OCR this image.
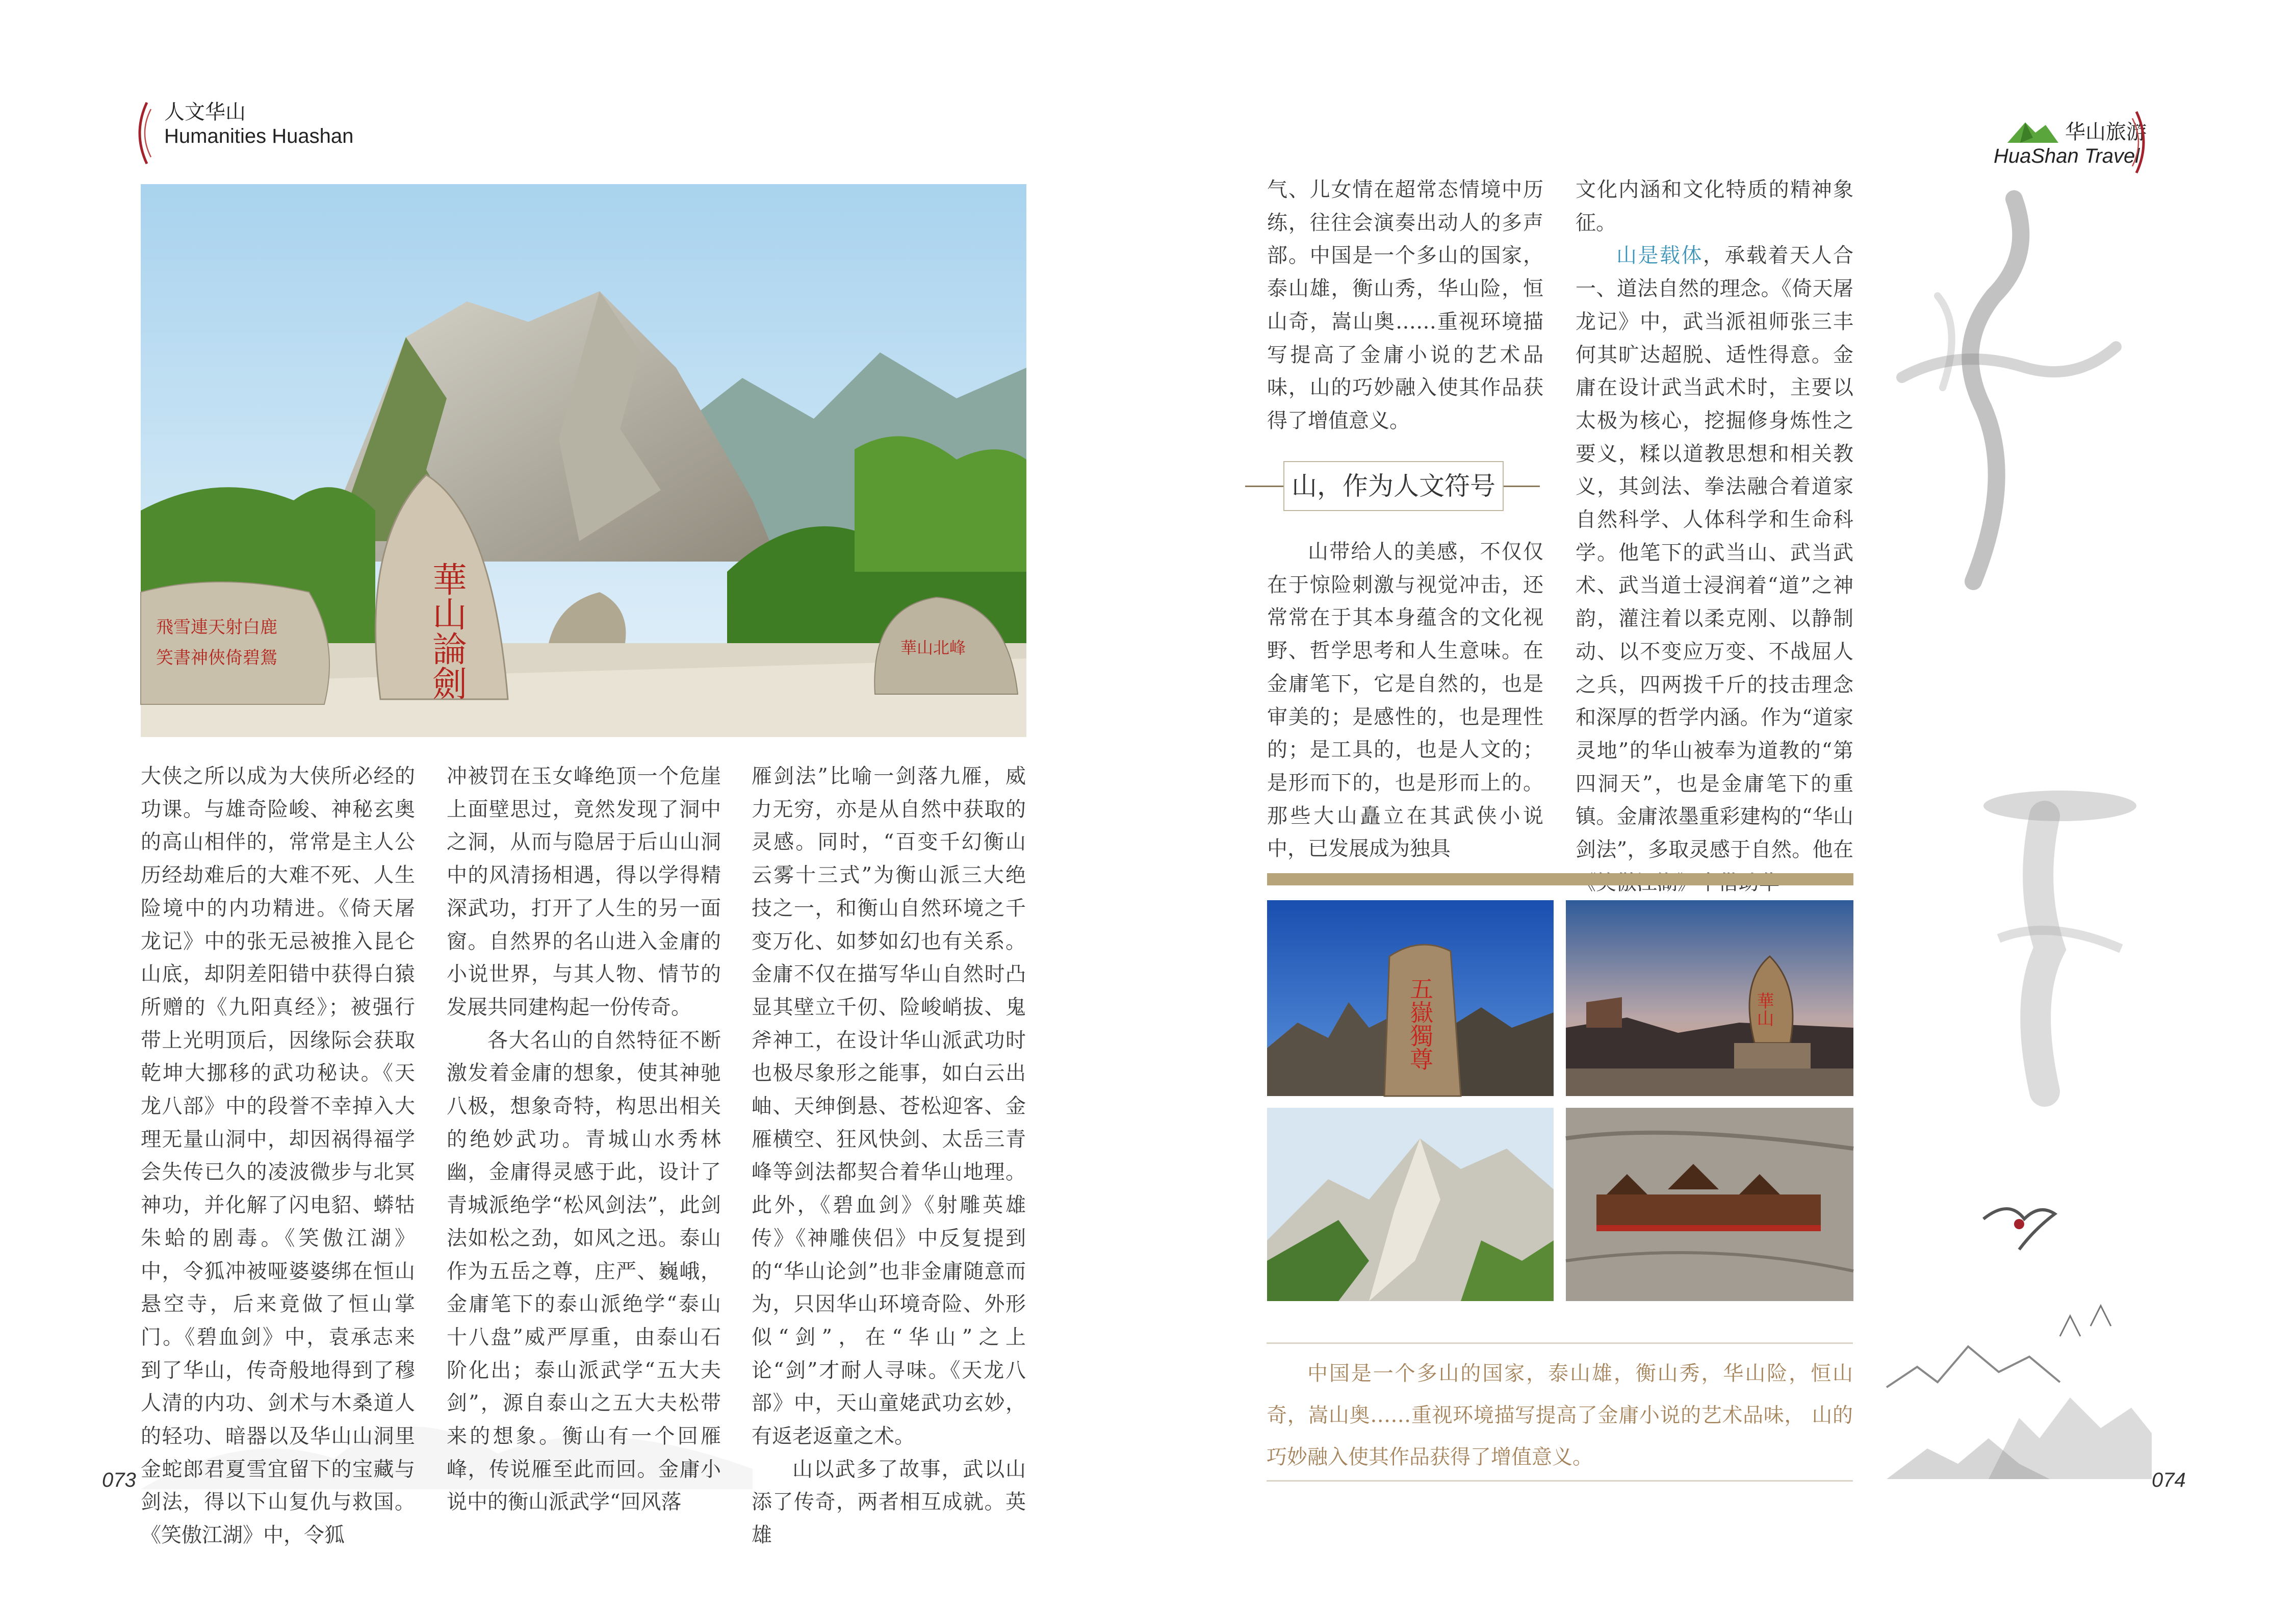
人文华山
Humanities Huashan
華山論劍
飛雪連天射白鹿
笑書神俠倚碧鴛	華山北峰

大侠之所以成为大侠所必经的功课。与雄奇险峻、神秘玄奥的高山相伴的，常常是主人公历经劫难后的大难不死、人生险境中的内功精进。《倚天屠龙记》中的张无忌被推入昆仑山底，却阴差阳错中获得白猿所赠的《九阳真经》；被强行带上光明顶后，因缘际会获取乾坤大挪移的武功秘诀。《天龙八部》中的段誉不幸掉入大理无量山洞中，却因祸得福学会失传已久的凌波微步与北冥神功，并化解了闪电貂、蟒牯朱蛤的剧毒。《笑傲江湖》中，令狐冲被哑婆婆绑在恒山悬空寺，后来竟做了恒山掌门。《碧血剑》中，袁承志来到了华山，传奇般地得到了穆人清的内功、剑术与木桑道人的轻功、暗器以及华山山洞里金蛇郎君夏雪宜留下的宝藏与剑法，得以下山复仇与救国。《笑傲江湖》中，令狐

冲被罚在玉女峰绝顶一个危崖上面壁思过，竟然发现了洞中之洞，从而与隐居于后山山洞中的风清扬相遇，得以学得精深武功，打开了人生的另一面窗。自然界的名山进入金庸的小说世界，与其人物、情节的发展共同建构起一份传奇。

各大名山的自然特征不断激发着金庸的想象，使其神驰八极，想象奇特，构思出相关的绝妙武功。青城山水秀林幽，金庸得灵感于此，设计了青城派绝学“松风剑法”，此剑法如松之劲，如风之迅。泰山作为五岳之尊，庄严、巍峨，金庸笔下的泰山派绝学“泰山十八盘”威严厚重，由泰山石阶化出；泰山派武学“五大夫剑”，源自泰山之五大夫松带来的想象。衡山有一个回雁峰，传说雁至此而回。金庸小说中的衡山派武学“回风落

雁剑法”比喻一剑落九雁，威力无穷，亦是从自然中获取的灵感。同时，“百变千幻衡山云雾十三式”为衡山派三大绝技之一，和衡山自然环境之千变万化、如梦如幻也有关系。金庸不仅在描写华山自然时凸显其壁立千仞、险峻峭拔、鬼斧神工，在设计华山派武功时也极尽象形之能事，如白云出岫、天绅倒悬、苍松迎客、金雁横空、狂风快剑、太岳三青峰等剑法都契合着华山地理。此外，《碧血剑》《射雕英雄传》《神雕侠侣》中反复提到的“华山论剑”也非金庸随意而为，只因华山环境奇险、外形似“剑”，在“华山”之上论“剑”才耐人寻味。《天龙八部》中，天山童姥武功玄妙，有返老返童之术。

山以武多了故事，武以山添了传奇，两者相互成就。英雄

073
华山旅游
HuaShan Travel

气、儿女情在超常态情境中历练，往往会演奏出动人的多声部。中国是一个多山的国家，泰山雄，衡山秀，华山险，恒山奇，嵩山奥……重视环境描写提高了金庸小说的艺术品味，山的巧妙融入使其作品获得了增值意义。

山，作为人文符号

山带给人的美感，不仅仅在于惊险刺激与视觉冲击，还常常在于其本身蕴含的文化视野、哲学思考和人生意味。在金庸笔下，它是自然的，也是审美的；是感性的，也是理性的；是工具的，也是人文的；是形而下的，也是形而上的。那些大山矗立在其武侠小说中，已发展成为独具

文化内涵和文化特质的精神象征。

山是载体，承载着天人合一、道法自然的理念。《倚天屠龙记》中，武当派祖师张三丰何其旷达超脱、适性得意。金庸在设计武当武术时，主要以太极为核心，挖掘修身炼性之要义，糅以道教思想和相关教义，其剑法、拳法融合着道家自然科学、人体科学和生命科学。他笔下的武当山、武当武术、武当道士浸润着“道”之神韵，灌注着以柔克刚、以静制动、以不变应万变、不战屈人之兵，四两拨千斤的技击理念和深厚的哲学内涵。作为“道家灵地”的华山被奉为道教的“第四洞天”，也是金庸笔下的重镇。金庸浓墨重彩建构的“华山剑法”，多取灵感于自然。他在

五嶽獨尊	華山

中国是一个多山的国家，泰山雄，衡山秀，华山险，恒山奇，嵩山奥……重视环境描写提高了金庸小说的艺术品味， 山的巧妙融入使其作品获得了增值意义。

074
